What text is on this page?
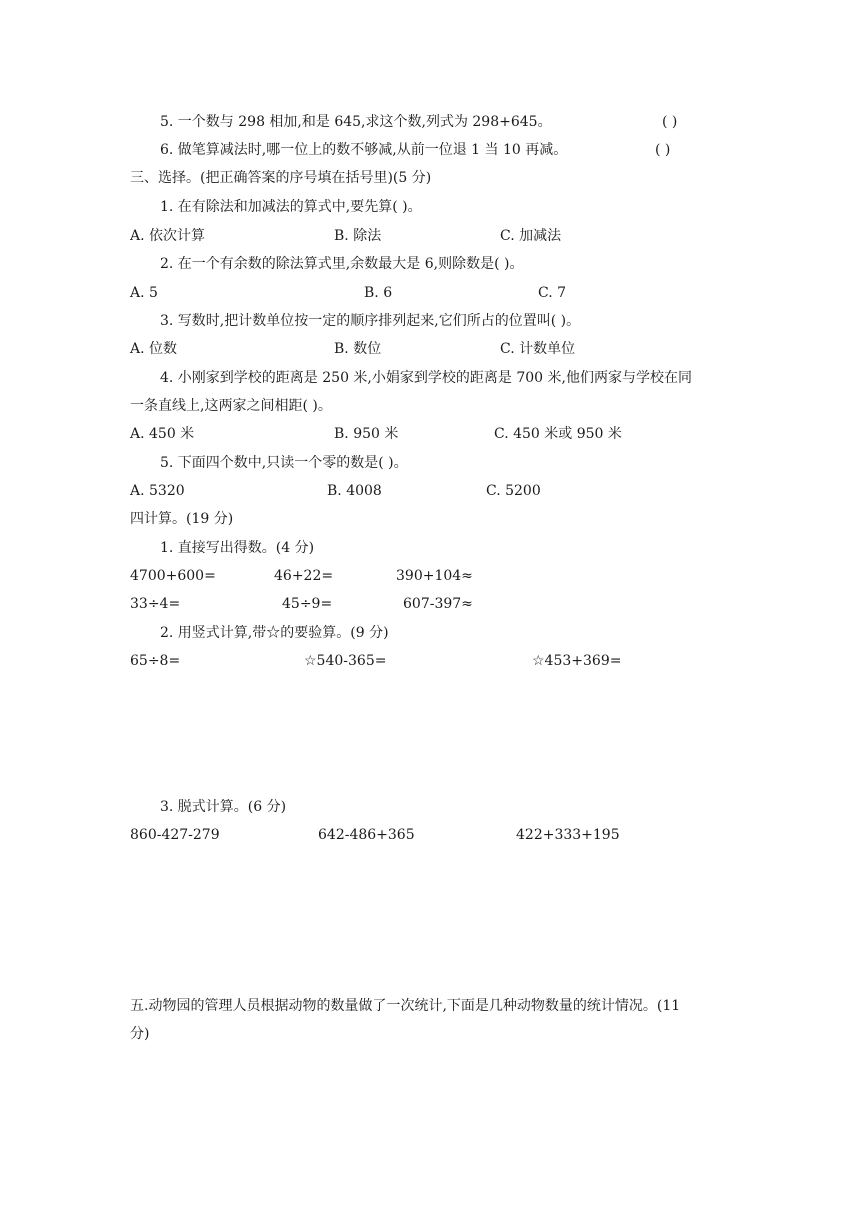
5. 一个数与 298 相加,和是 645,求这个数,列式为 298+645。	( )
6. 做笔算减法时,哪一位上的数不够减,从前一位退 1 当 10 再减。	( )
三、选择。(把正确答案的序号填在括号里)(5 分)
1. 在有除法和加减法的算式中,要先算( )。
A. 依次计算	B. 除法	C. 加减法
2. 在一个有余数的除法算式里,余数最大是 6,则除数是( )。
A. 5	B. 6	C. 7
3. 写数时,把计数单位按一定的顺序排列起来,它们所占的位置叫( )。
A. 位数	B. 数位	C. 计数单位
4. 小刚家到学校的距离是 250 米,小娟家到学校的距离是 700 米,他们两家与学校在同
一条直线上,这两家之间相距( )。
A. 450 米	B. 950 米	C. 450 米或 950 米
5. 下面四个数中,只读一个零的数是( )。
A. 5320	B. 4008	C. 5200
四计算。(19 分)
1. 直接写出得数。(4 分)
4700+600=	46+22=	390+104≈
33÷4=	45÷9=	607-397≈
2. 用竖式计算,带☆的要验算。(9 分)
65÷8=	☆540-365=	☆453+369=
3. 脱式计算。(6 分)
860-427-279	642-486+365	422+333+195
五.动物园的管理人员根据动物的数量做了一次统计,下面是几种动物数量的统计情况。(11
分)
